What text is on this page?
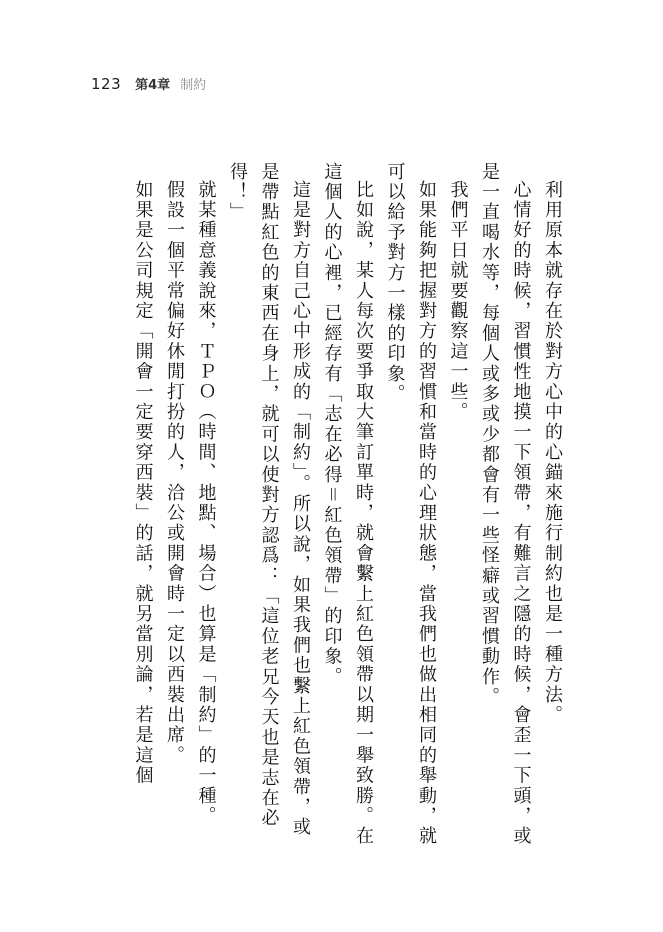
123 第4章 制約

利用原本就存在於對方心中的心錨來施行制約也是一種方法。

心情好的時候，習慣性地摸一下領帶，有難言之隱的時候，會歪一下頭，或是一直喝水等，每個人或多或少都會有一些怪癖或習慣動作。

我們平日就要觀察這一些。

如果能夠把握對方的習慣和當時的心理狀態，當我們也做出相同的舉動，就可以給予對方一樣的印象。

比如說，某人每次要爭取大筆訂單時，就會繫上紅色領帶以期一舉致勝。在這個人的心裡，已經存有「志在必得＝紅色領帶」的印象。

這是對方自己心中形成的「制約」。所以說，如果我們也繫上紅色領帶，或是帶點紅色的東西在身上，就可以使對方認爲：「這位老兄今天也是志在必得！」

就某種意義說來，ＴＰＯ（時間、地點、場合）也算是「制約」的一種。

假設一個平常偏好休閒打扮的人，洽公或開會時一定以西裝出席。

如果是公司規定「開會一定要穿西裝」的話，就另當別論，若是這個
